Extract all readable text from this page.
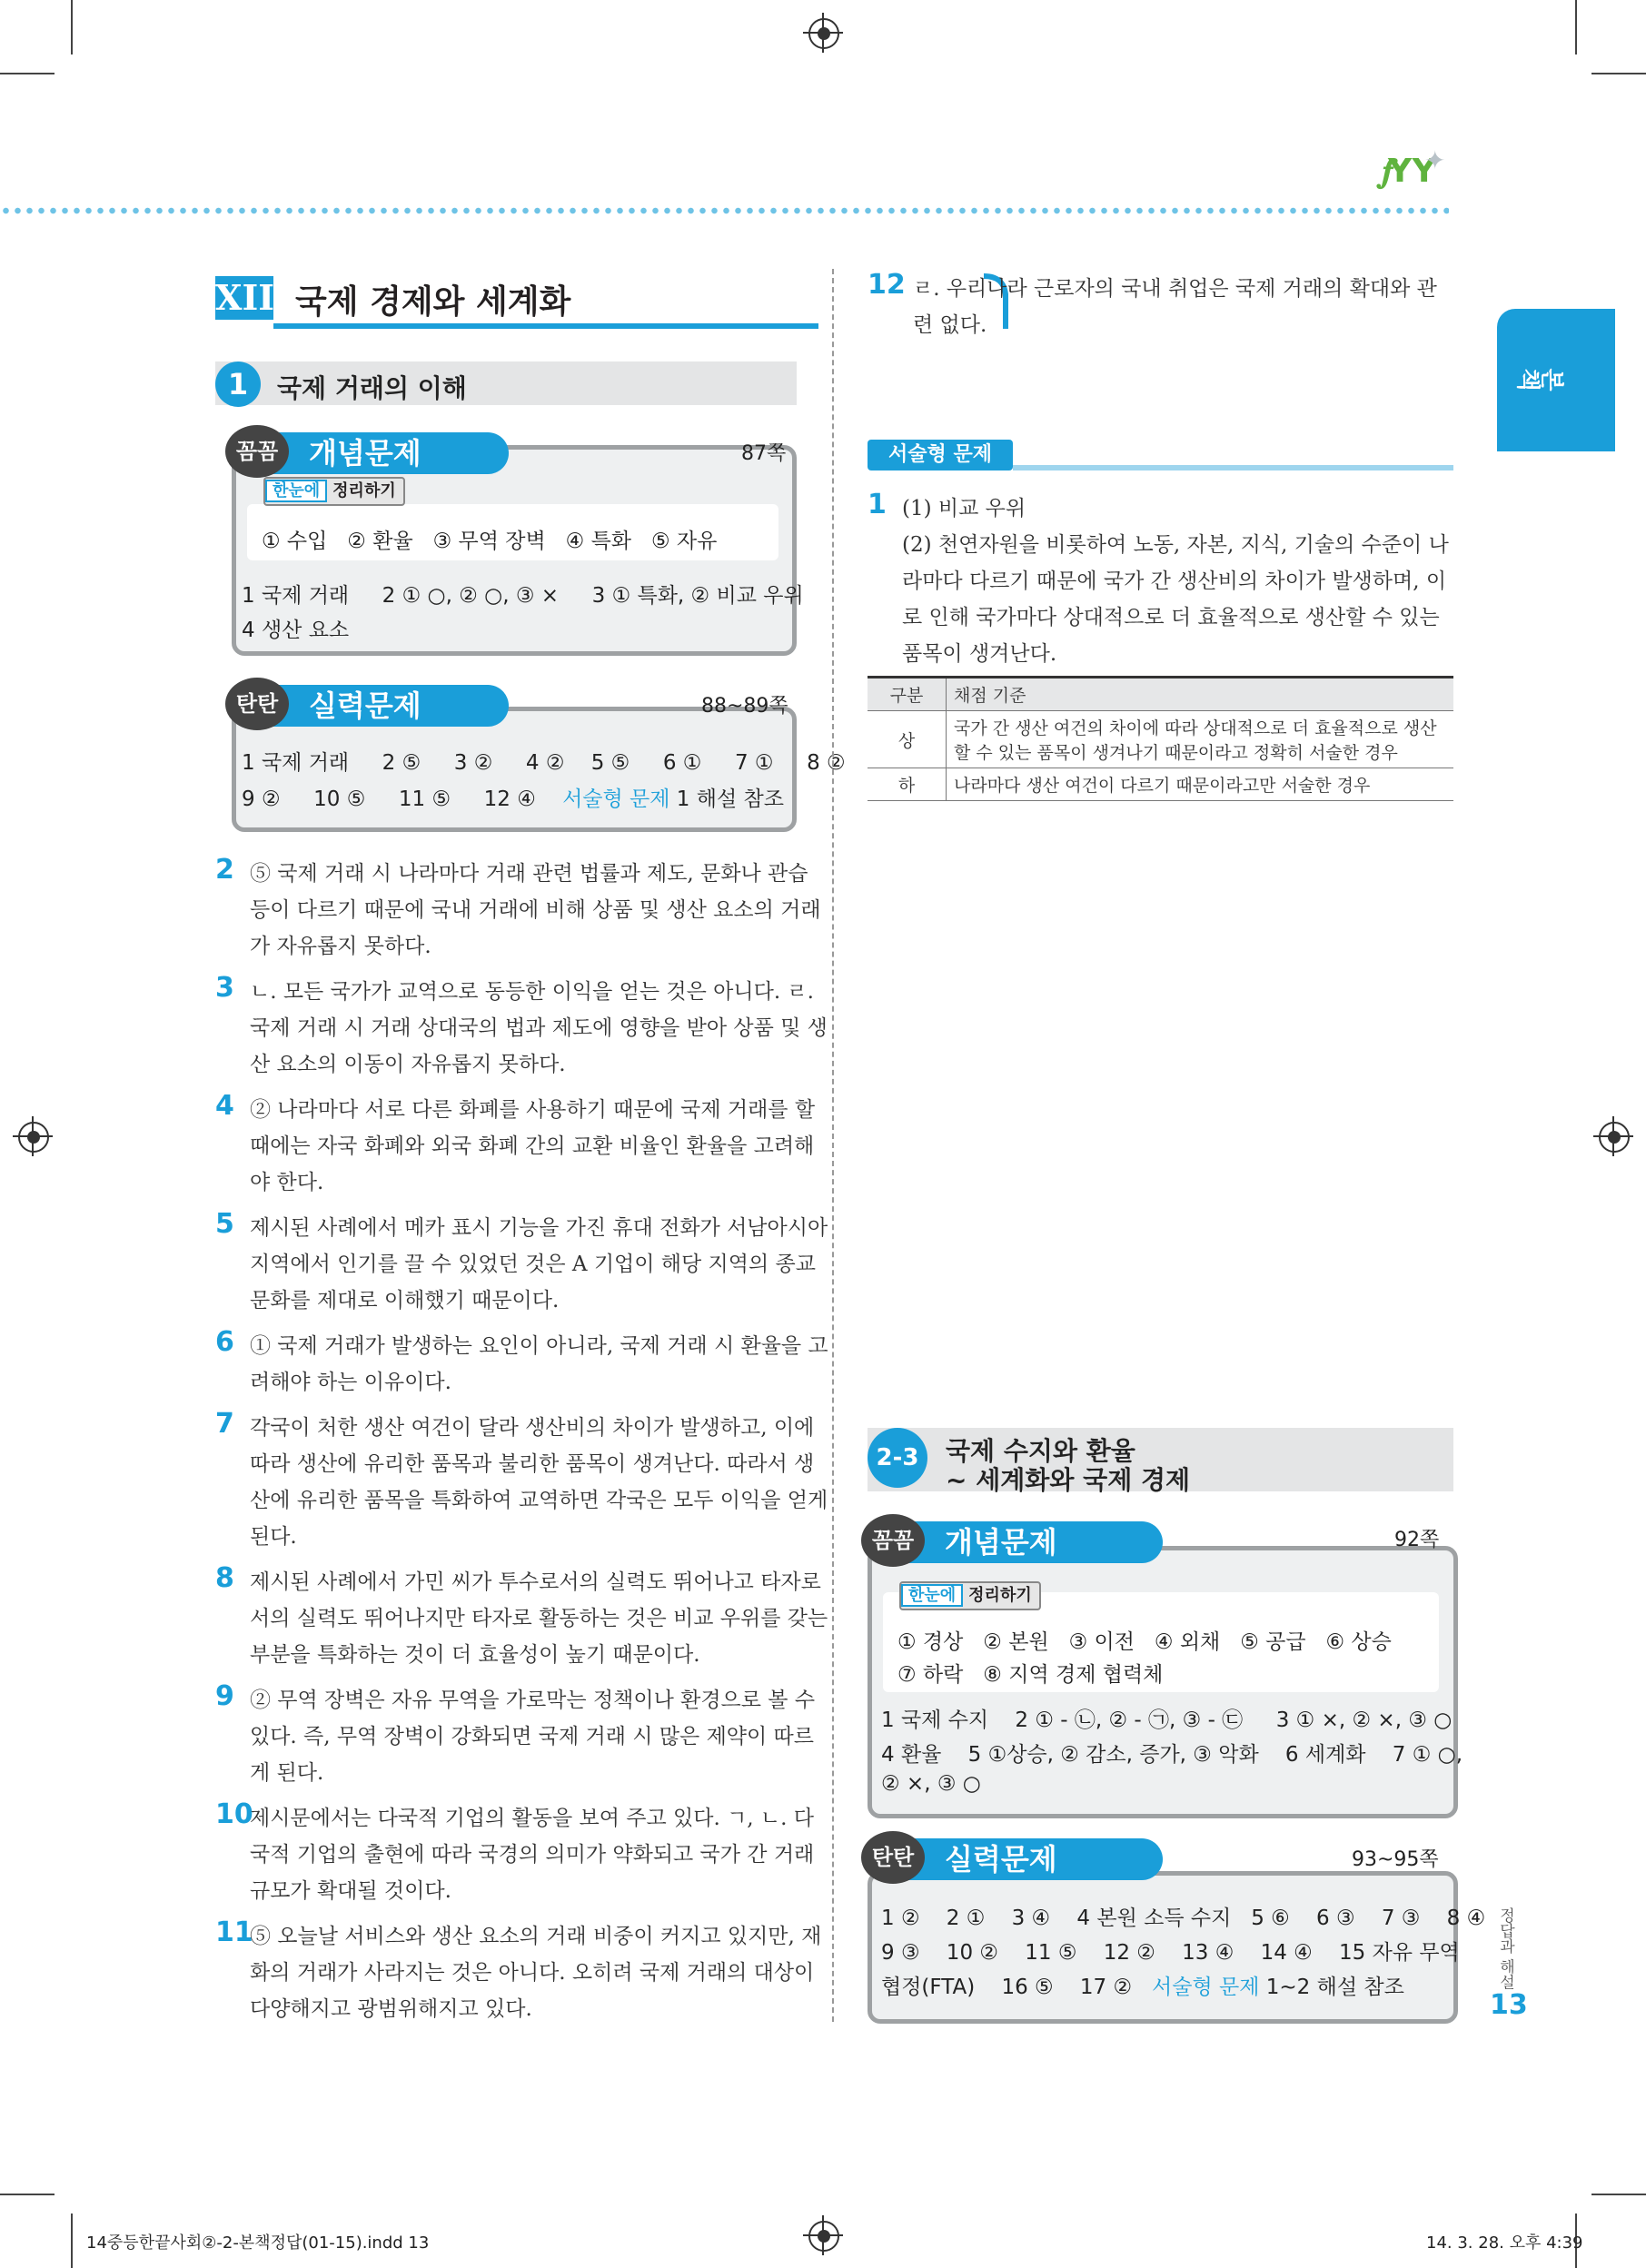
𝆑Y Y
✦
본책
XII 국제 경제와 세계화
1	국제 거래의 이해
한눈에 정리하기
① 수입   ② 환율   ③ 무역 장벽   ④ 특화   ⑤ 자유
1 국제 거래     2 ① ○, ② ○, ③ ×     3 ① 특화, ② 비교 우위
4 생산 요소
개념문제
꼼꼼	87쪽
1 국제 거래     2 ⑤     3 ②     4 ②    5 ⑤     6 ①     7 ①     8 ②
9 ②     10 ⑤     11 ⑤     12 ④    서술형 문제 1 해설 참조
실력문제
탄탄	88~89쪽
2 ⑤ 국제 거래 시 나라마다 거래 관련 법률과 제도, 문화나 관습 등이 다르기 때문에 국내 거래에 비해 상품 및 생산 요소의 거래가 자유롭지 못하다.
3 ㄴ. 모든 국가가 교역으로 동등한 이익을 얻는 것은 아니다. ㄹ. 국제 거래 시 거래 상대국의 법과 제도에 영향을 받아 상품 및 생산 요소의 이동이 자유롭지 못하다.
4 ② 나라마다 서로 다른 화폐를 사용하기 때문에 국제 거래를 할 때에는 자국 화폐와 외국 화폐 간의 교환 비율인 환율을 고려해야 한다.
5 제시된 사례에서 메카 표시 기능을 가진 휴대 전화가 서남아시아 지역에서 인기를 끌 수 있었던 것은 A 기업이 해당 지역의 종교 문화를 제대로 이해했기 때문이다.
6 ① 국제 거래가 발생하는 요인이 아니라, 국제 거래 시 환율을 고려해야 하는 이유이다.
7 각국이 처한 생산 여건이 달라 생산비의 차이가 발생하고, 이에 따라 생산에 유리한 품목과 불리한 품목이 생겨난다. 따라서 생산에 유리한 품목을 특화하여 교역하면 각국은 모두 이익을 얻게 된다.
8 제시된 사례에서 가민 씨가 투수로서의 실력도 뛰어나고 타자로서의 실력도 뛰어나지만 타자로 활동하는 것은 비교 우위를 갖는 부분을 특화하는 것이 더 효율성이 높기 때문이다.
9 ② 무역 장벽은 자유 무역을 가로막는 정책이나 환경으로 볼 수 있다. 즉, 무역 장벽이 강화되면 국제 거래 시 많은 제약이 따르게 된다.
10
제시문에서는 다국적 기업의 활동을 보여 주고 있다. ㄱ, ㄴ. 다국적 기업의 출현에 따라 국경의 의미가 약화되고 국가 간 거래 규모가 확대될 것이다.
11
⑤ 오늘날 서비스와 생산 요소의 거래 비중이 커지고 있지만, 재화의 거래가 사라지는 것은 아니다. 오히려 국제 거래의 대상이 다양해지고 광범위해지고 있다.
12 ㄹ. 우리나라 근로자의 국내 취업은 국제 거래의 확대와 관련 없다.
서술형 문제
1 (1) 비교 우위
(2) 천연자원을 비롯하여 노동, 자본, 지식, 기술의 수준이 나라마다 다르기 때문에 국가 간 생산비의 차이가 발생하며, 이로 인해 국가마다 상대적으로 더 효율적으로 생산할 수 있는 품목이 생겨난다.
구분	채점 기준
상	국가 간 생산 여건의 차이에 따라 상대적으로 더 효율적으로 생산할 수 있는 품목이 생겨나기 때문이라고 정확히 서술한 경우
하	나라마다 생산 여건이 다르기 때문이라고만 서술한 경우
2-3	국제 수지와 환율
~ 세계화와 국제 경제
한눈에 정리하기
① 경상   ② 본원   ③ 이전   ④ 외채   ⑤ 공급   ⑥ 상승
⑦ 하락   ⑧ 지역 경제 협력체
1 국제 수지    2 ① - ㉡, ② - ㉠, ③ - ㉢     3 ① ×, ② ×, ③ ○
4 환율    5 ①상승, ② 감소, 증가, ③ 악화    6 세계화    7 ① ○,
② ×, ③ ○
개념문제
꼼꼼	92쪽
1 ②    2 ①    3 ④    4 본원 소득 수지   5 ⑥    6 ③    7 ③    8 ④
9 ③    10 ②    11 ⑤    12 ②    13 ④    14 ④    15 자유 무역
협정(FTA)    16 ⑤    17 ②   서술형 문제 1~2 해설 참조
실력문제
탄탄	93~95쪽
정답과 해설
13
14중등한끝사회②-2-본책정답(01-15).indd 13	14. 3. 28. 오후 4:39
